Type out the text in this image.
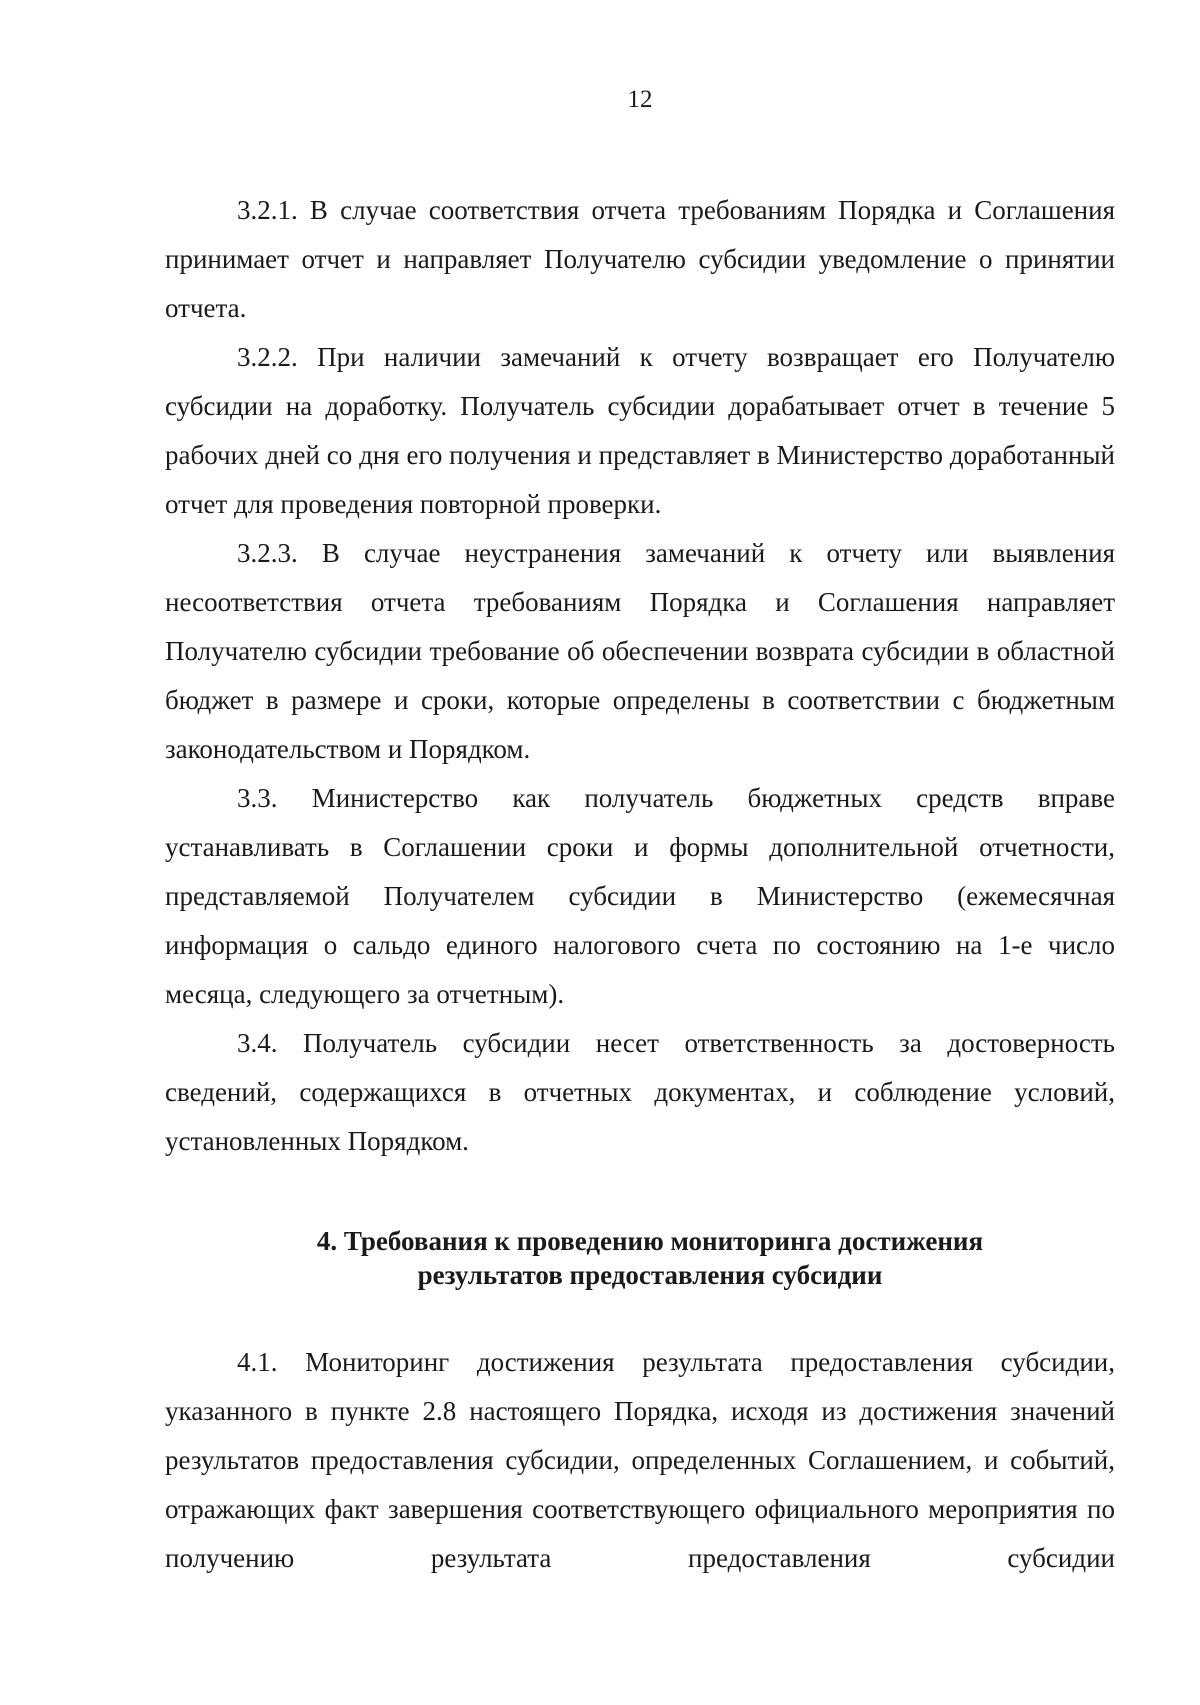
12

3.2.1. В случае соответствия отчета требованиям Порядка и Соглашения принимает отчет и направляет Получателю субсидии уведомление о принятии отчета.

3.2.2. При наличии замечаний к отчету возвращает его Получателю субсидии на доработку. Получатель субсидии дорабатывает отчет в течение 5 рабочих дней со дня его получения и представляет в Министерство доработанный отчет для проведения повторной проверки.

3.2.3. В случае неустранения замечаний к отчету или выявления несоответствия отчета требованиям Порядка и Соглашения направляет Получателю субсидии требование об обеспечении возврата субсидии в областной бюджет в размере и сроки, которые определены в соответствии с бюджетным законодательством и Порядком.

3.3. Министерство как получатель бюджетных средств вправе устанавливать в Соглашении сроки и формы дополнительной отчетности, представляемой Получателем субсидии в Министерство (ежемесячная информация о сальдо единого налогового счета по состоянию на 1-е число месяца, следующего за отчетным).

3.4. Получатель субсидии несет ответственность за достоверность сведений, содержащихся в отчетных документах, и соблюдение условий, установленных Порядком.

4. Требования к проведению мониторинга достижения
результатов предоставления субсидии

4.1. Мониторинг достижения результата предоставления субсидии, указанного в пункте 2.8 настоящего Порядка, исходя из достижения значений результатов предоставления субсидии, определенных Соглашением, и событий, отражающих факт завершения соответствующего официального мероприятия по получению результата предоставления субсидии
